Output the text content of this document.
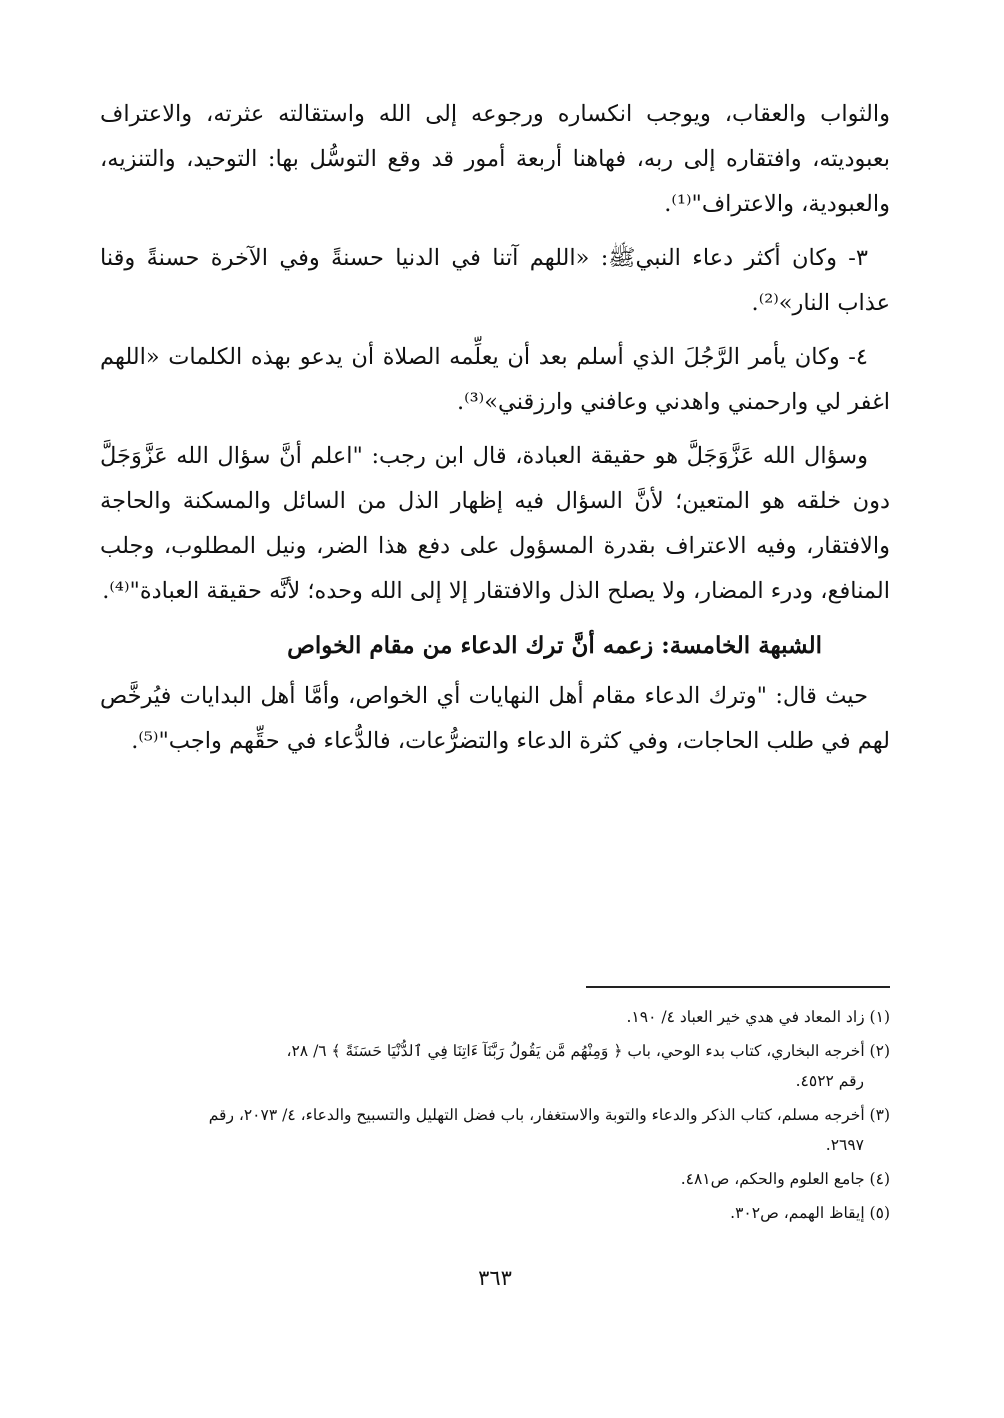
والثواب والعقاب، ويوجب انكساره ورجوعه إلى الله واستقالته عثرته، والاعتراف بعبوديته، وافتقاره إلى ربه، فهاهنا أربعة أمور قد وقع التوسُّل بها: التوحيد، والتنزيه، والعبودية، والاعتراف"⁽¹⁾.

٣- وكان أكثر دعاء النبيﷺ: «اللهم آتنا في الدنيا حسنةً وفي الآخرة حسنةً وقنا عذاب النار»⁽²⁾.

٤- وكان يأمر الرَّجُلَ الذي أسلم بعد أن يعلِّمه الصلاة أن يدعو بهذه الكلمات «اللهم اغفر لي وارحمني واهدني وعافني وارزقني»⁽³⁾.

وسؤال الله عَزَّوَجَلَّ هو حقيقة العبادة، قال ابن رجب: "اعلم أنَّ سؤال الله عَزَّوَجَلَّ دون خلقه هو المتعين؛ لأنَّ السؤال فيه إظهار الذل من السائل والمسكنة والحاجة والافتقار، وفيه الاعتراف بقدرة المسؤول على دفع هذا الضر، ونيل المطلوب، وجلب المنافع، ودرء المضار، ولا يصلح الذل والافتقار إلا إلى الله وحده؛ لأنَّه حقيقة العبادة"⁽⁴⁾.

الشبهة الخامسة: زعمه أنَّ ترك الدعاء من مقام الخواص

حيث قال: "وترك الدعاء مقام أهل النهايات أي الخواص، وأمَّا أهل البدايات فيُرخَّص لهم في طلب الحاجات، وفي كثرة الدعاء والتضرُّعات، فالدُّعاء في حقِّهم واجب"⁽⁵⁾.

(١) زاد المعاد في هدي خير العباد ٤/ ١٩٠.
(٢) أخرجه البخاري، كتاب بدء الوحي، باب ﴿ وَمِنْهُم مَّن يَقُولُ رَبَّنَآ ءَاتِنَا فِي ٱلدُّنْيَا حَسَنَةً ﴾ ٦/ ٢٨،
رقم ٤٥٢٢.
(٣) أخرجه مسلم، كتاب الذكر والدعاء والتوبة والاستغفار، باب فضل التهليل والتسبيح والدعاء، ٤/ ٢٠٧٣، رقم
٢٦٩٧.
(٤) جامع العلوم والحكم، ص٤٨١.
(٥) إيقاظ الهمم، ص٣٠٢.
٣٦٣
